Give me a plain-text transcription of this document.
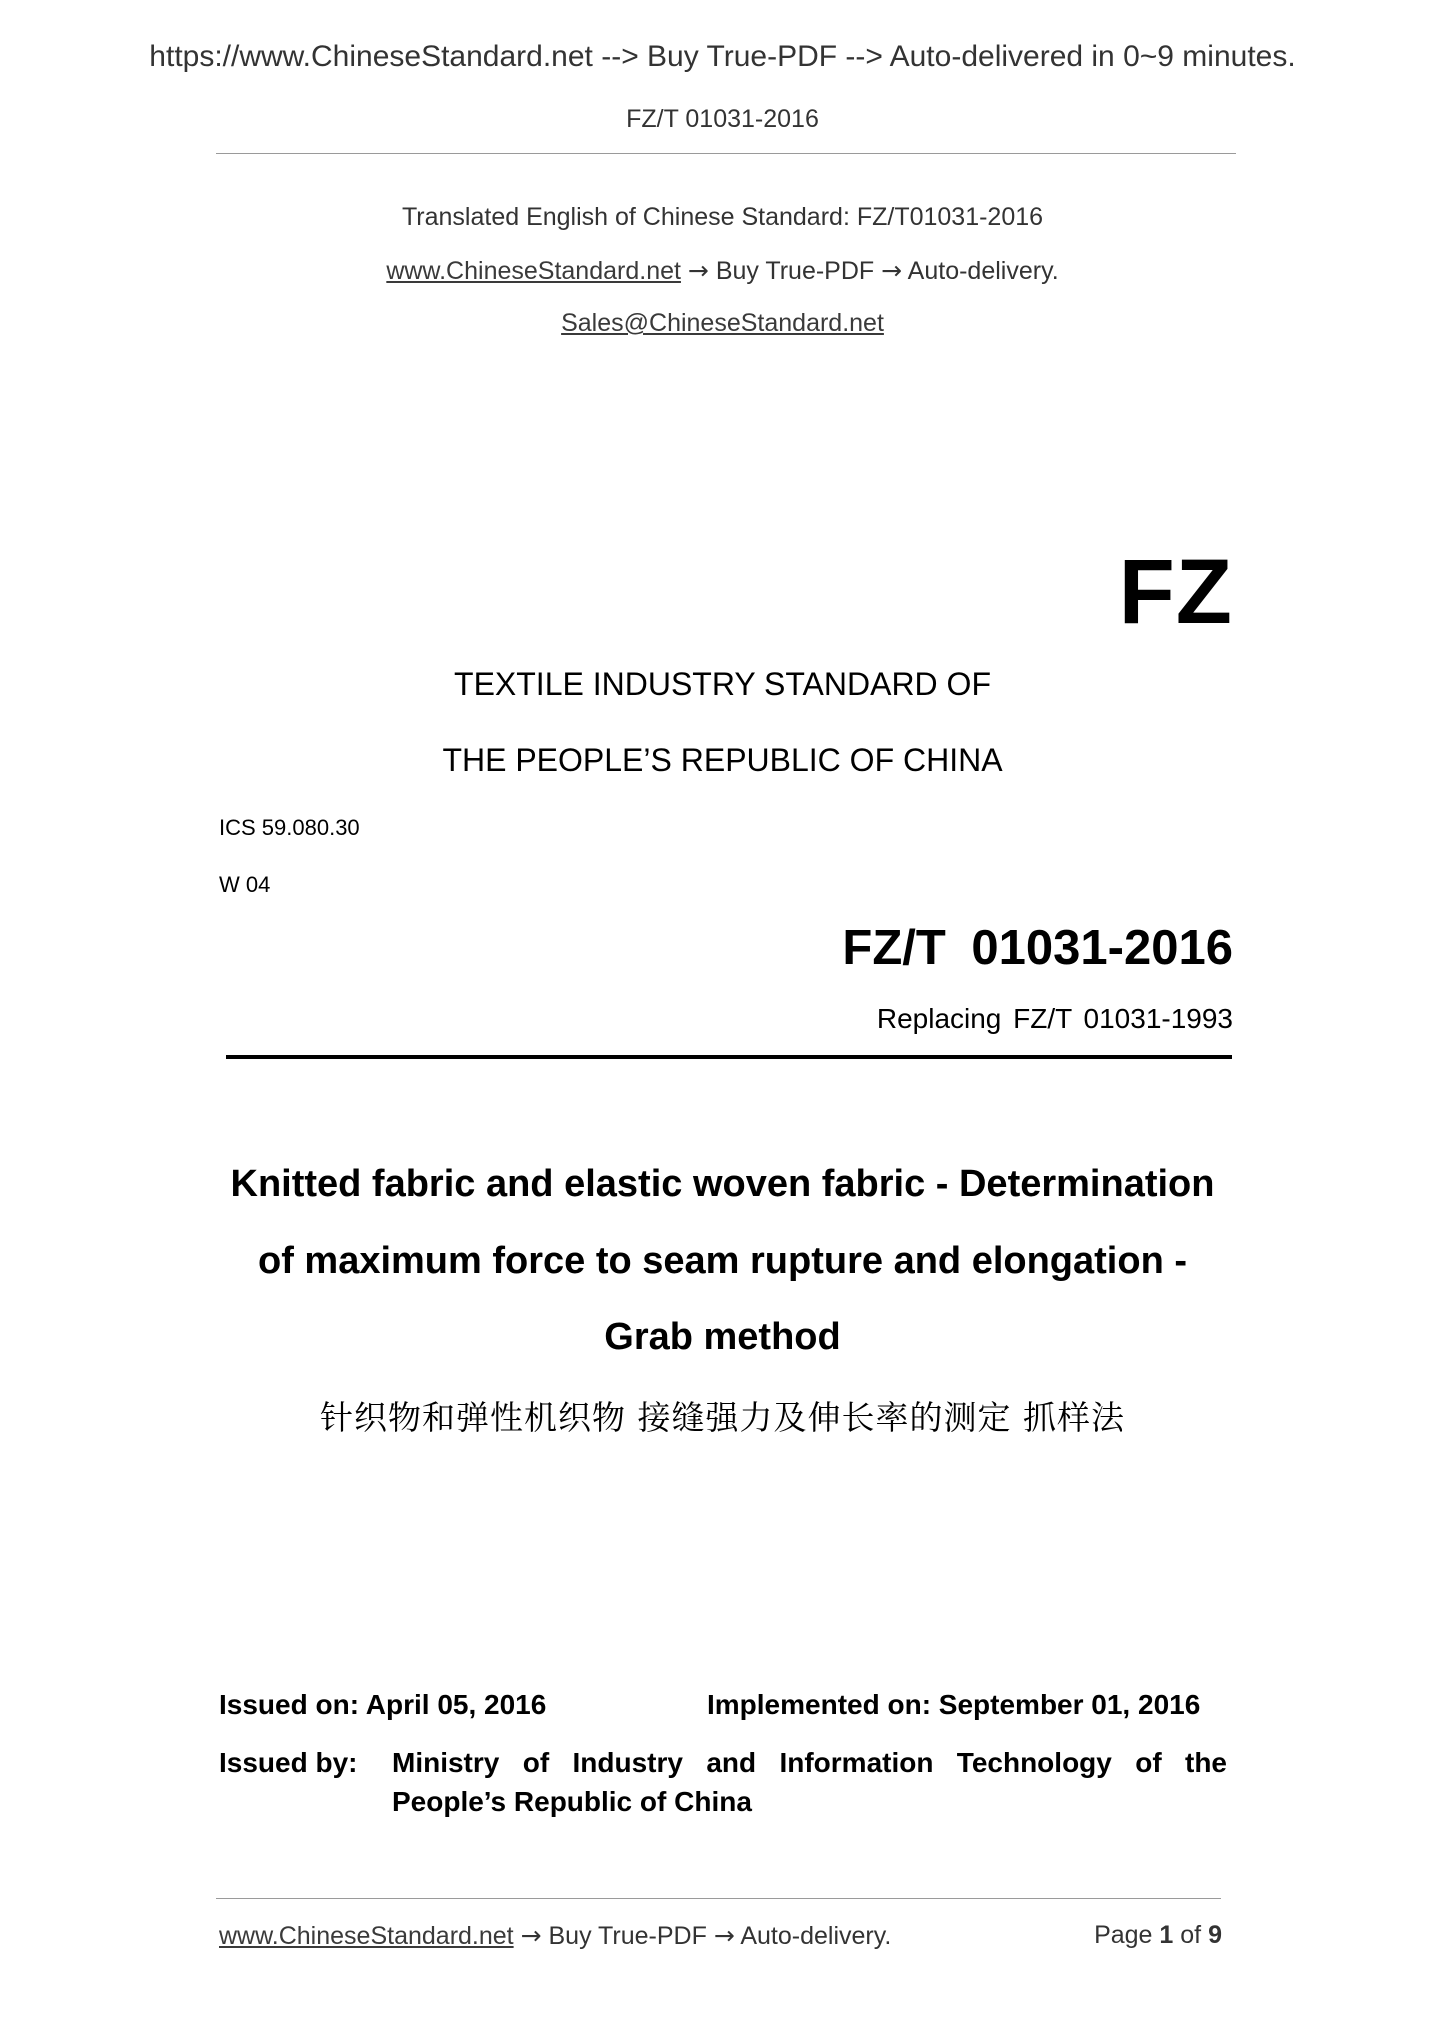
https://www.ChineseStandard.net --> Buy True-PDF --> Auto-delivered in 0~9 minutes.
FZ/T 01031-2016
Translated English of Chinese Standard: FZ/T01031-2016
www.ChineseStandard.net → Buy True-PDF → Auto-delivery.
Sales@ChineseStandard.net
FZ
TEXTILE INDUSTRY STANDARD OF
THE PEOPLE’S REPUBLIC OF CHINA
ICS 59.080.30
W 04
FZ/T 01031-2016
Replacing FZ/T 01031-1993
Knitted fabric and elastic woven fabric - Determination
of maximum force to seam rupture and elongation -
Grab method
针织物和弹性机织物 接缝强力及伸长率的测定 抓样法
Issued on: April 05, 2016	Implemented on: September 01, 2016
Issued by: Ministry of Industry and Information Technology of the
People’s Republic of China
www.ChineseStandard.net → Buy True-PDF → Auto-delivery.	Page 1 of 9
